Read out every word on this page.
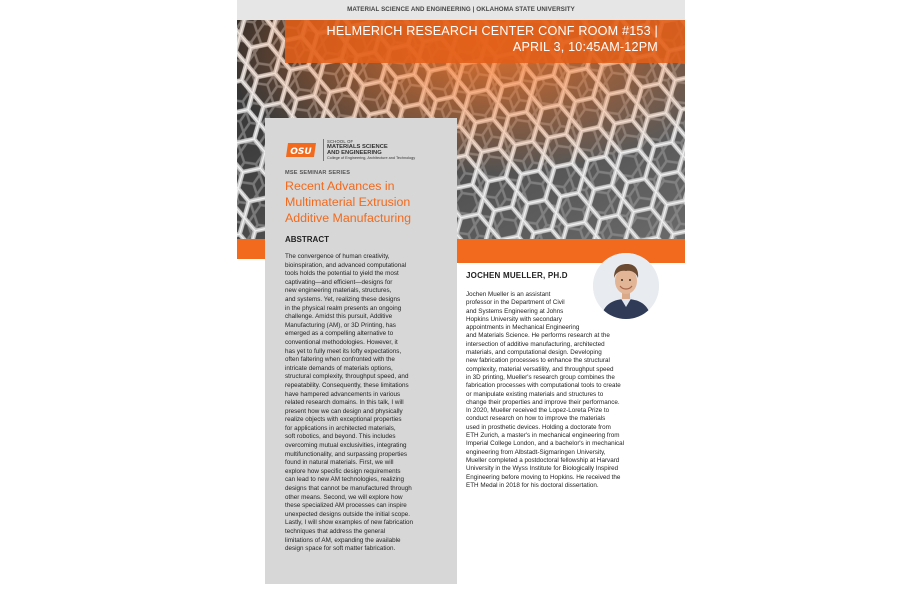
MATERIAL SCIENCE AND ENGINEERING | OKLAHOMA STATE UNIVERSITY
HELMERICH RESEARCH CENTER CONF ROOM #153 |
APRIL 3, 10:45AM-12PM
OSU
SCHOOL OF
MATERIALS SCIENCE
AND ENGINEERING
College of Engineering, Architecture and Technology
MSE SEMINAR SERIES
Recent Advances in
Multimaterial Extrusion
Additive Manufacturing
ABSTRACT
The convergence of human creativity,
bioinspiration, and advanced computational
tools holds the potential to yield the most
captivating—and efficient—designs for
new engineering materials, structures,
and systems. Yet, realizing these designs
in the physical realm presents an ongoing
challenge. Amidst this pursuit, Additive
Manufacturing (AM), or 3D Printing, has
emerged as a compelling alternative to
conventional methodologies. However, it
has yet to fully meet its lofty expectations,
often faltering when confronted with the
intricate demands of materials options,
structural complexity, throughput speed, and
repeatability. Consequently, these limitations
have hampered advancements in various
related research domains. In this talk, I will
present how we can design and physically
realize objects with exceptional properties
for applications in architected materials,
soft robotics, and beyond. This includes
overcoming mutual exclusivities, integrating
multifunctionality, and surpassing properties
found in natural materials. First, we will
explore how specific design requirements
can lead to new AM technologies, realizing
designs that cannot be manufactured through
other means. Second, we will explore how
these specialized AM processes can inspire
unexpected designs outside the initial scope.
Lastly, I will show examples of new fabrication
techniques that address the general
limitations of AM, expanding the available
design space for soft matter fabrication.
JOCHEN MUELLER, PH.D
Jochen Mueller is an assistant
professor in the Department of Civil
and Systems Engineering at Johns
Hopkins University with secondary
appointments in Mechanical Engineering
and Materials Science. He performs research at the
intersection of additive manufacturing, architected
materials, and computational design. Developing
new fabrication processes to enhance the structural
complexity, material versatility, and throughput speed
in 3D printing, Mueller's research group combines the
fabrication processes with computational tools to create
or manipulate existing materials and structures to
change their properties and improve their performance.
In 2020, Mueller received the Lopez-Loreta Prize to
conduct research on how to improve the materials
used in prosthetic devices. Holding a doctorate from
ETH Zurich, a master's in mechanical engineering from
Imperial College London, and a bachelor's in mechanical
engineering from Albstadt-Sigmaringen University,
Mueller completed a postdoctoral fellowship at Harvard
University in the Wyss Institute for Biologically Inspired
Engineering before moving to Hopkins. He received the
ETH Medal in 2018 for his doctoral dissertation.
